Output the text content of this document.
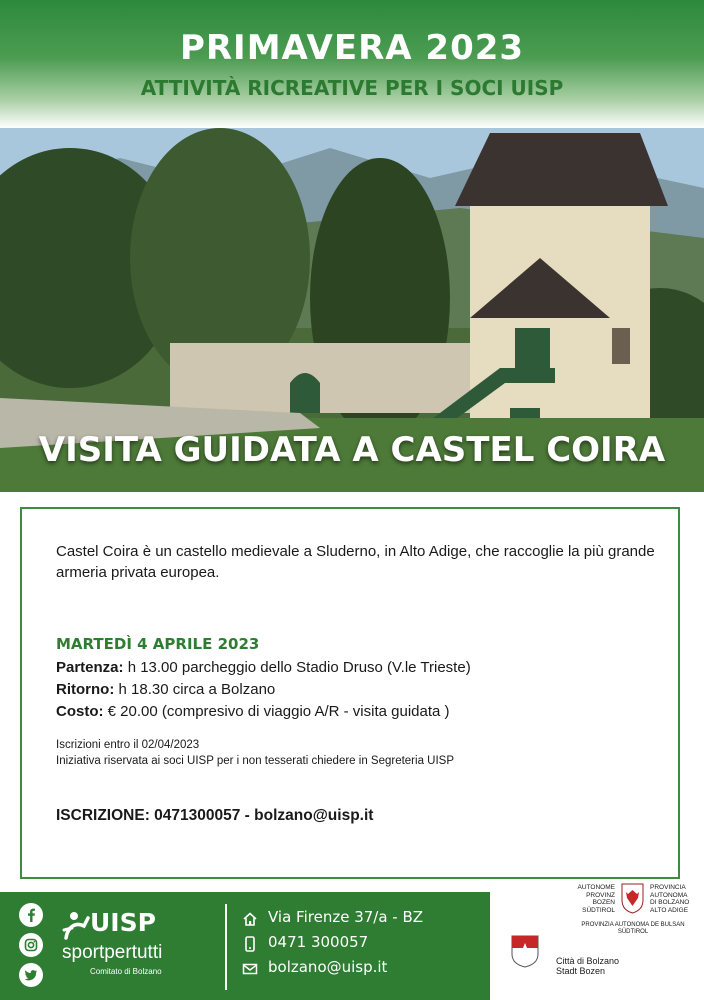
PRIMAVERA 2023
ATTIVITÀ RICREATIVE PER I SOCI UISP
VISITA GUIDATA A CASTEL COIRA
Castel Coira è un castello medievale a Sluderno, in Alto Adige, che raccoglie la più grande armeria privata europea.
MARTEDÌ 4 APRILE 2023
Partenza: h 13.00 parcheggio dello Stadio Druso (V.le Trieste)
Ritorno: h 18.30 circa a Bolzano
Costo: € 20.00 (compresivo di viaggio A/R - visita guidata )
Iscrizioni entro il 02/04/2023
Iniziativa riservata ai soci UISP per i non tesserati chiedere in Segreteria UISP
ISCRIZIONE: 0471300057 - bolzano@uisp.it
UISP
sportpertutti
Comitato di Bolzano
Via Firenze 37/a - BZ
0471 300057
bolzano@uisp.it
AUTONOME
PROVINZ
BOZEN
SÜDTIROL
PROVINCIA
AUTONOMA
DI BOLZANO
ALTO ADIGE
PROVINZIA AUTONOMA DE BULSAN
SÜDTIROL
Città di Bolzano
Stadt Bozen
